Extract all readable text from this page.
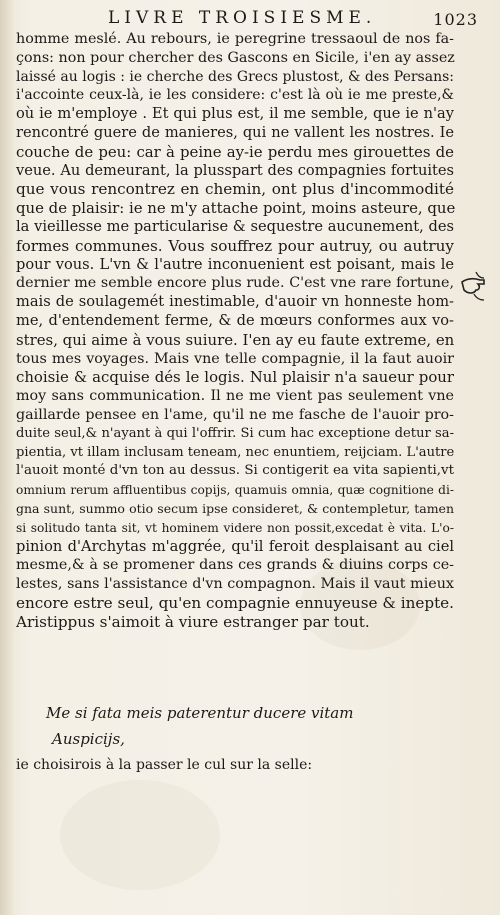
LIVRE TROISIESME.	1023
homme meslé. Au rebours, ie peregrine tressaoul de nos fa-
çons: non pour chercher des Gascons en Sicile, i'en ay assez
laissé au logis : ie cherche des Grecs plustost, & des Persans:
i'accointe ceux-là, ie les considere: c'est là où ie me preste,&
où ie m'employe . Et qui plus est, il me semble, que ie n'ay
rencontré guere de manieres, qui ne vallent les nostres. Ie
couche de peu: car à peine ay-ie perdu mes girouettes de
veue. Au demeurant, la plusspart des compagnies fortuites
que vous rencontrez en chemin, ont plus d'incommodité
que de plaisir: ie ne m'y attache point, moins asteure, que
la vieillesse me particularise & sequestre aucunement, des
formes communes. Vous souffrez pour autruy, ou autruy
pour vous. L'vn & l'autre inconuenient est poisant, mais le
dernier me semble encore plus rude. C'est vne rare fortune,
mais de soulagemét inestimable, d'auoir vn honneste hom-
me, d'entendement ferme, & de mœurs conformes aux vo-
stres, qui aime à vous suiure. I'en ay eu faute extreme, en
tous mes voyages. Mais vne telle compagnie, il la faut auoir
choisie & acquise dés le logis. Nul plaisir n'a saueur pour
moy sans communication. Il ne me vient pas seulement vne
gaillarde pensee en l'ame, qu'il ne me fasche de l'auoir pro-
duite seul,& n'ayant à qui l'offrir. Si cum hac exceptione detur sa-
pientia, vt illam inclusam teneam, nec enuntiem, reijciam. L'autre
l'auoit monté d'vn ton au dessus. Si contigerit ea vita sapienti,vt
omnium rerum affluentibus copijs, quamuis omnia, quæ cognitione di-
gna sunt, summo otio secum ipse consideret, & contempletur, tamen
si solitudo tanta sit, vt hominem videre non possit,excedat è vita. L'o-
pinion d'Archytas m'aggrée, qu'il feroit desplaisant au ciel
mesme,& à se promener dans ces grands & diuins corps ce-
lestes, sans l'assistance d'vn compagnon. Mais il vaut mieux
encore estre seul, qu'en compagnie ennuyeuse & inepte.
Aristippus s'aimoit à viure estranger par tout.
Me si fata meis paterentur ducere vitam
Auspicijs,
ie choisirois à la passer le cul sur la selle:
